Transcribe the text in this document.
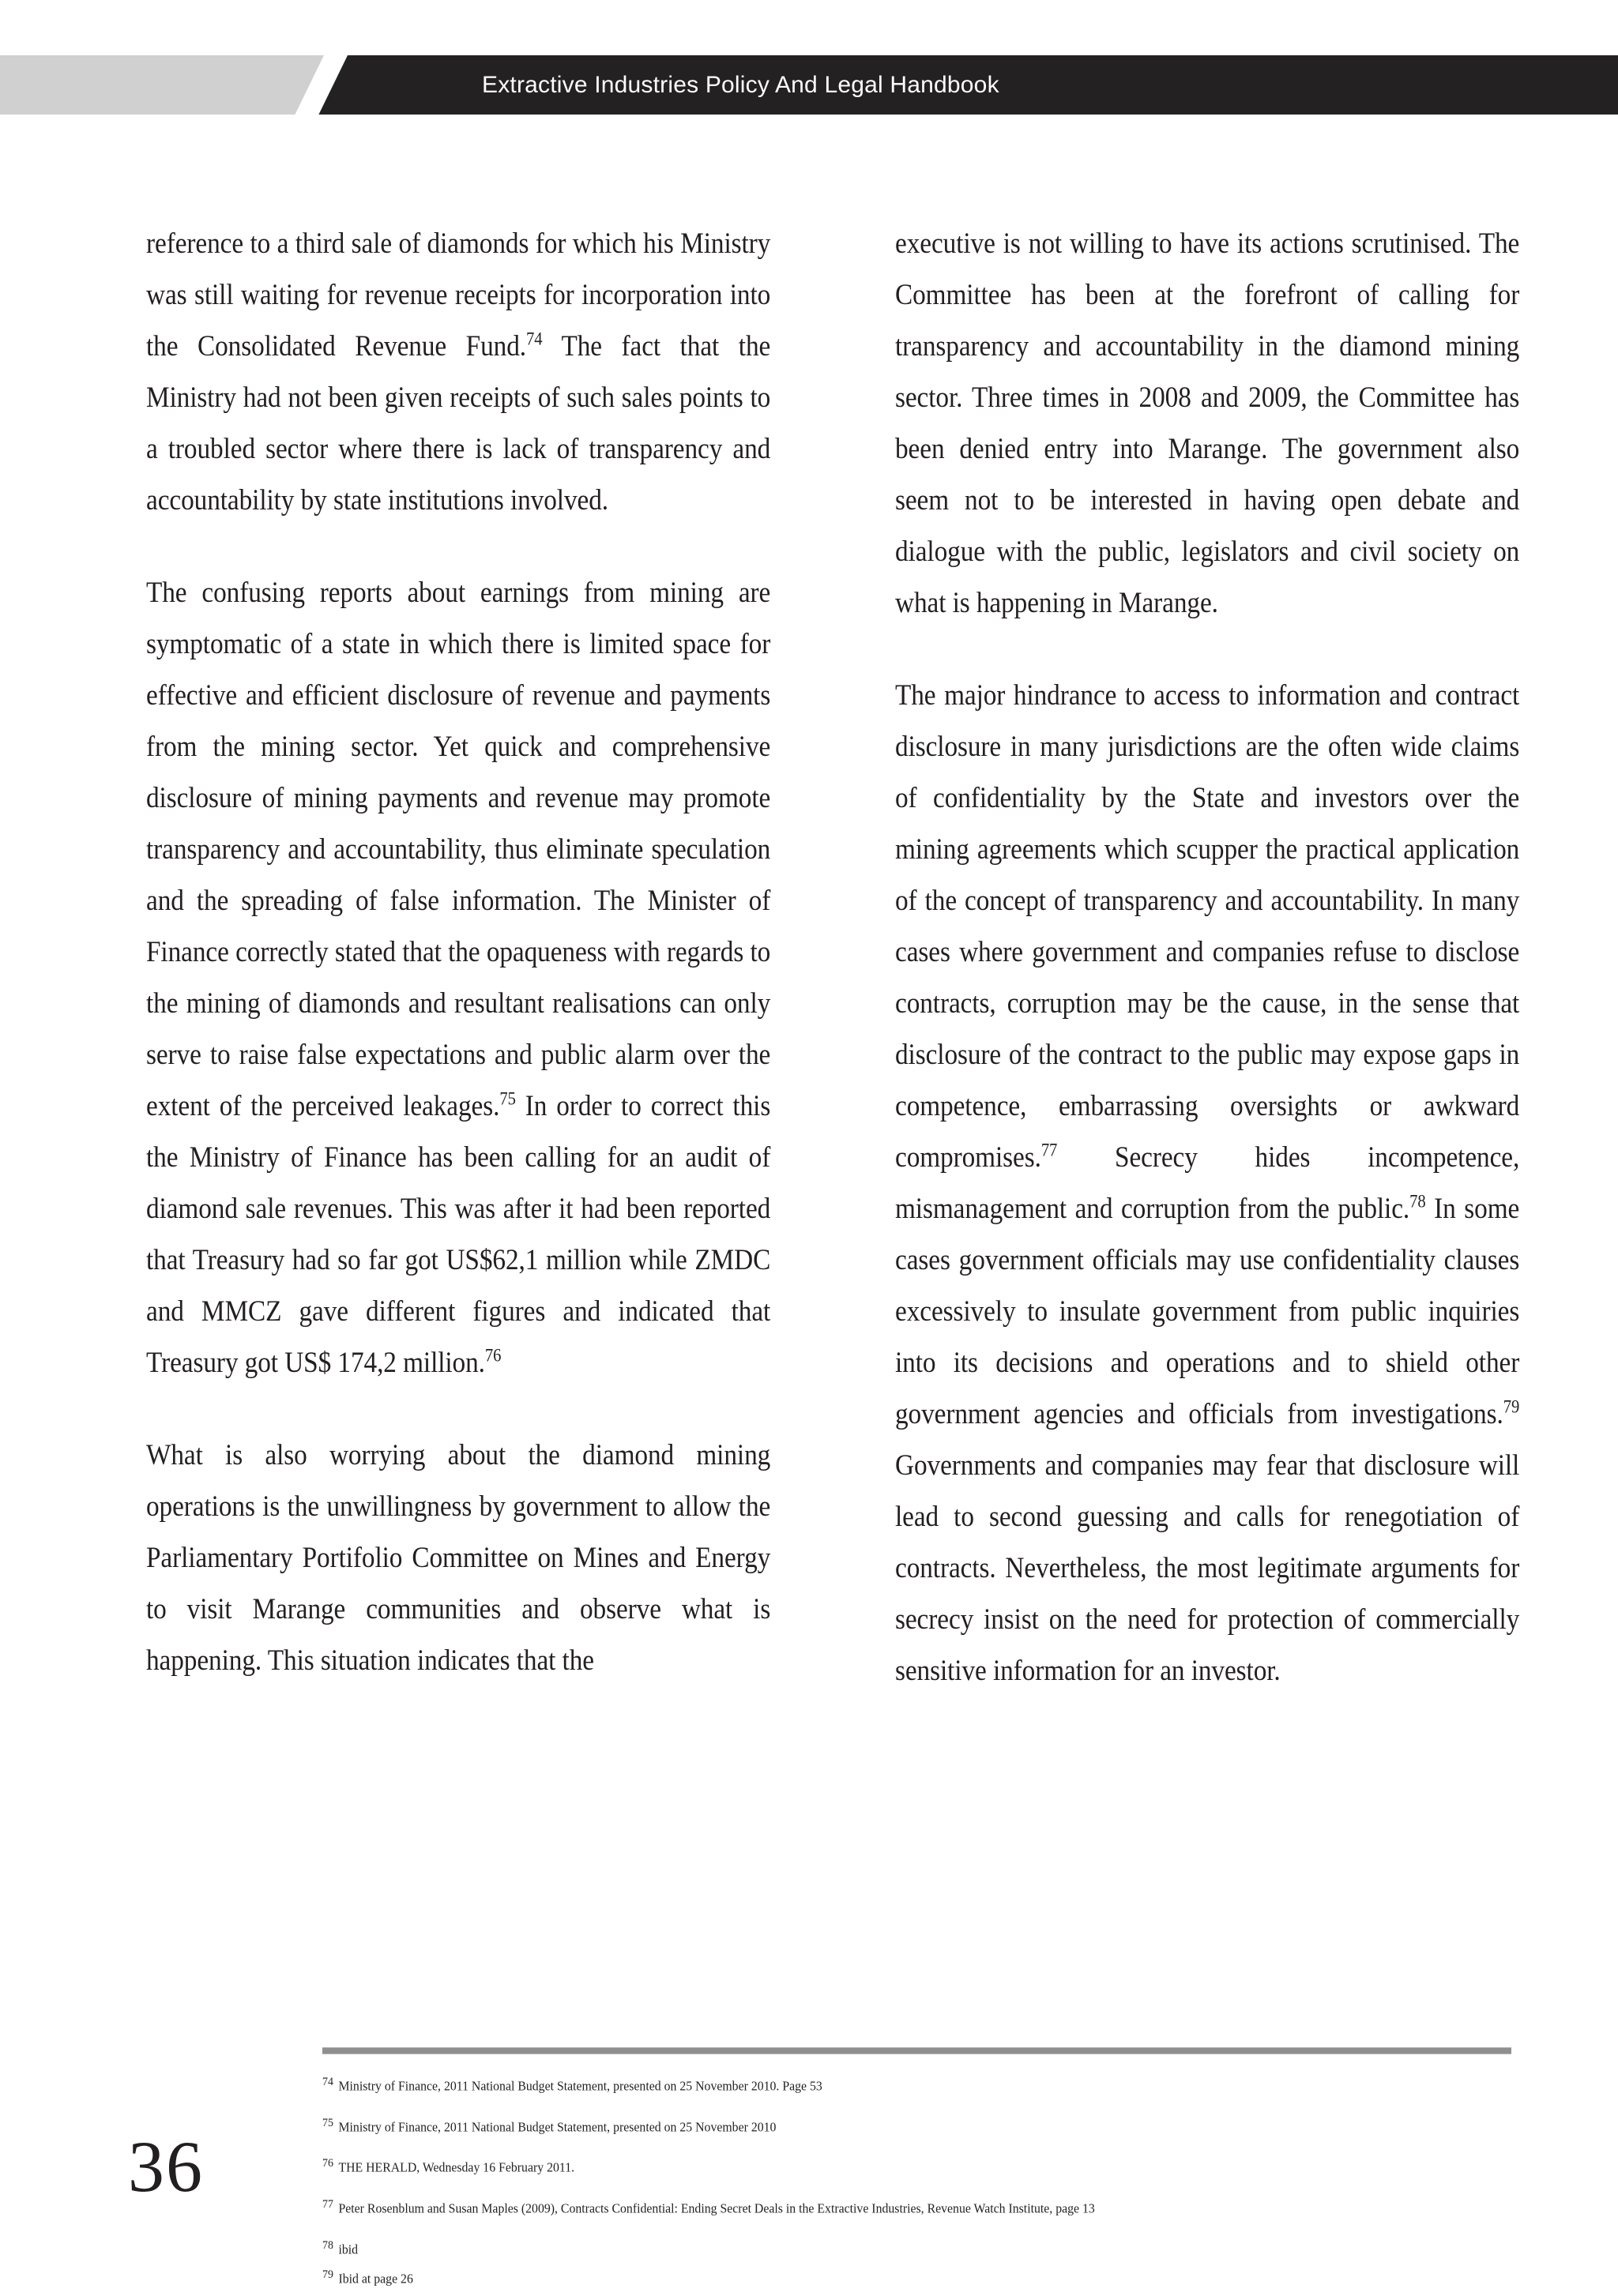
Extractive Industries Policy And Legal Handbook

reference to a third sale of diamonds for which his Ministry was still waiting for revenue receipts for incorporation into the Consolidated Revenue Fund.$^{74}$ The fact that the Ministry had not been given receipts of such sales points to a troubled sector where there is lack of transparency and accountability by state institutions involved.

The confusing reports about earnings from mining are symptomatic of a state in which there is limited space for effective and efficient disclosure of revenue and payments from the mining sector. Yet quick and comprehensive disclosure of mining payments and revenue may promote transparency and accountability, thus eliminate speculation and the spreading of false information. The Minister of Finance correctly stated that the opaqueness with regards to the mining of diamonds and resultant realisations can only serve to raise false expectations and public alarm over the extent of the perceived leakages.$^{75}$ In order to correct this the Ministry of Finance has been calling for an audit of diamond sale revenues. This was after it had been reported that Treasury had so far got US$62,1 million while ZMDC and MMCZ gave different figures and indicated that Treasury got US$ 174,2 million.$^{76}$

What is also worrying about the diamond mining operations is the unwillingness by government to allow the Parliamentary Portifolio Committee on Mines and Energy to visit Marange communities and observe what is happening. This situation indicates that the

executive is not willing to have its actions scrutinised. The Committee has been at the forefront of calling for transparency and accountability in the diamond mining sector. Three times in 2008 and 2009, the Committee has been denied entry into Marange. The government also seem not to be interested in having open debate and dialogue with the public, legislators and civil society on what is happening in Marange.

The major hindrance to access to information and contract disclosure in many jurisdictions are the often wide claims of confidentiality by the State and investors over the mining agreements which scupper the practical application of the concept of transparency and accountability. In many cases where government and companies refuse to disclose contracts, corruption may be the cause, in the sense that disclosure of the contract to the public may expose gaps in competence, embarrassing oversights or awkward compromises.$^{77}$ Secrecy hides incompetence, mismanagement and corruption from the public.$^{78}$ In some cases government officials may use confidentiality clauses excessively to insulate government from public inquiries into its decisions and operations and to shield other government agencies and officials from investigations.$^{79}$ Governments and companies may fear that disclosure will lead to second guessing and calls for renegotiation of contracts. Nevertheless, the most legitimate arguments for secrecy insist on the need for protection of commercially sensitive information for an investor.

74 Ministry of Finance, 2011 National Budget Statement, presented on 25 November 2010. Page 53
75 Ministry of Finance, 2011 National Budget Statement, presented on 25 November 2010
76 THE HERALD, Wednesday 16 February 2011.
77 Peter Rosenblum and Susan Maples (2009), Contracts Confidential: Ending Secret Deals in the Extractive Industries, Revenue Watch Institute, page 13
78 ibid
79 Ibid at page 26
36
